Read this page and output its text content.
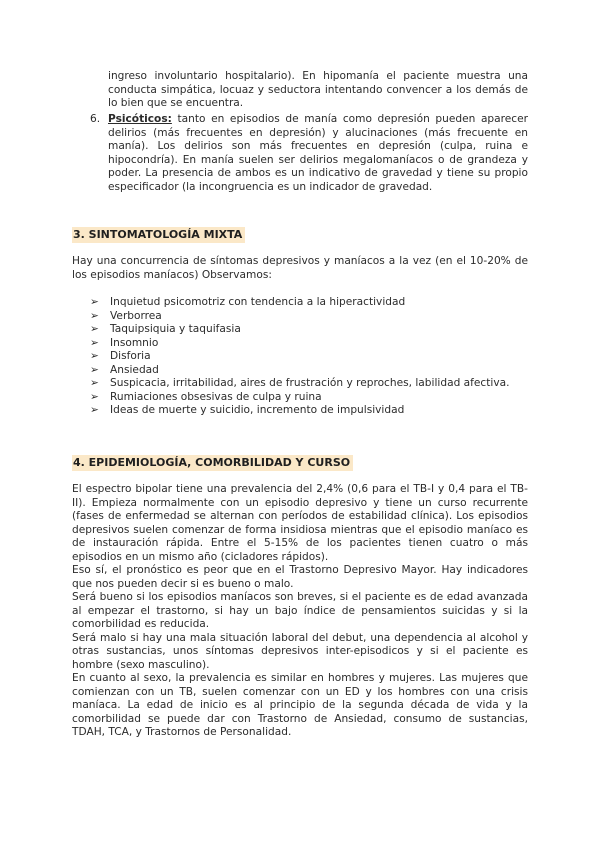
ingreso involuntario hospitalario). En hipomanía el paciente muestra una conducta simpática, locuaz y seductora intentando convencer a los demás de lo bien que se encuentra.
6. Psicóticos: tanto en episodios de manía como depresión pueden aparecer delirios (más frecuentes en depresión) y alucinaciones (más frecuente en manía). Los delirios son más frecuentes en depresión (culpa, ruina e hipocondría). En manía suelen ser delirios megalomaníacos o de grandeza y poder. La presencia de ambos es un indicativo de gravedad y tiene su propio especificador (la incongruencia es un indicador de gravedad.
3. SINTOMATOLOGÍA MIXTA
Hay una concurrencia de síntomas depresivos y maníacos a la vez (en el 10-20% de los episodios maníacos) Observamos:
➢ Inquietud psicomotriz con tendencia a la hiperactividad
➢ Verborrea
➢ Taquipsiquia y taquifasia
➢ Insomnio
➢ Disforia
➢ Ansiedad
➢ Suspicacia, irritabilidad, aires de frustración y reproches, labilidad afectiva.
➢ Rumiaciones obsesivas de culpa y ruina
➢ Ideas de muerte y suicidio, incremento de impulsividad
4. EPIDEMIOLOGÍA, COMORBILIDAD Y CURSO
El espectro bipolar tiene una prevalencia del 2,4% (0,6 para el TB-I y 0,4 para el TB-II). Empieza normalmente con un episodio depresivo y tiene un curso recurrente (fases de enfermedad se alternan con períodos de estabilidad clínica). Los episodios depresivos suelen comenzar de forma insidiosa mientras que el episodio maníaco es de instauración rápida. Entre el 5-15% de los pacientes tienen cuatro o más episodios en un mismo año (cicladores rápidos).
Eso sí, el pronóstico es peor que en el Trastorno Depresivo Mayor. Hay indicadores que nos pueden decir si es bueno o malo.
Será bueno si los episodios maníacos son breves, si el paciente es de edad avanzada al empezar el trastorno, si hay un bajo índice de pensamientos suicidas y si la comorbilidad es reducida.
Será malo si hay una mala situación laboral del debut, una dependencia al alcohol y otras sustancias, unos síntomas depresivos inter-episodicos y si el paciente es hombre (sexo masculino).
En cuanto al sexo, la prevalencia es similar en hombres y mujeres. Las mujeres que comienzan con un TB, suelen comenzar con un ED y los hombres con una crisis maníaca. La edad de inicio es al principio de la segunda década de vida y la comorbilidad se puede dar con Trastorno de Ansiedad, consumo de sustancias, TDAH, TCA, y Trastornos de Personalidad.
